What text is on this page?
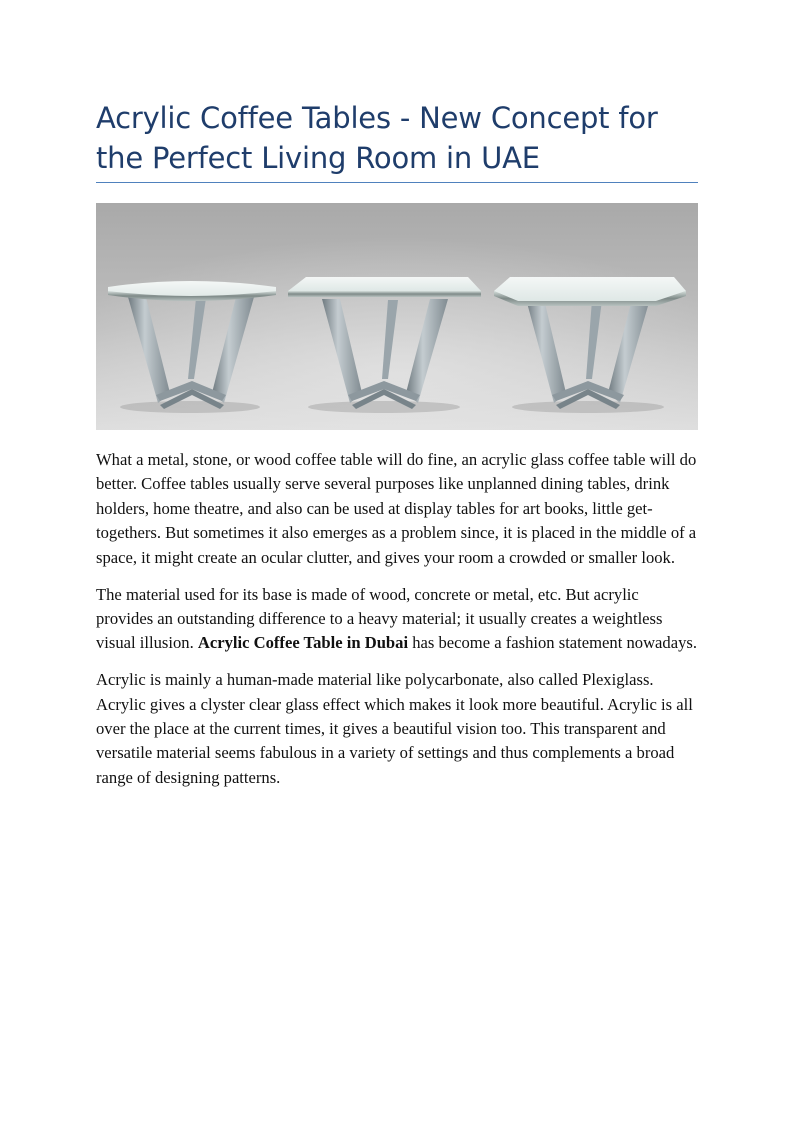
Acrylic Coffee Tables - New Concept for the Perfect Living Room in UAE

What a metal, stone, or wood coffee table will do fine, an acrylic glass coffee table will do better. Coffee tables usually serve several purposes like unplanned dining tables, drink holders, home theatre, and also can be used at display tables for art books, little get-togethers. But sometimes it also emerges as a problem since, it is placed in the middle of a space, it might create an ocular clutter, and gives your room a crowded or smaller look.

The material used for its base is made of wood, concrete or metal, etc. But acrylic provides an outstanding difference to a heavy material; it usually creates a weightless visual illusion. Acrylic Coffee Table in Dubai has become a fashion statement nowadays.

Acrylic is mainly a human-made material like polycarbonate, also called Plexiglass. Acrylic gives a clyster clear glass effect which makes it look more beautiful. Acrylic is all over the place at the current times, it gives a beautiful vision too. This transparent and versatile material seems fabulous in a variety of settings and thus complements a broad range of designing patterns.
